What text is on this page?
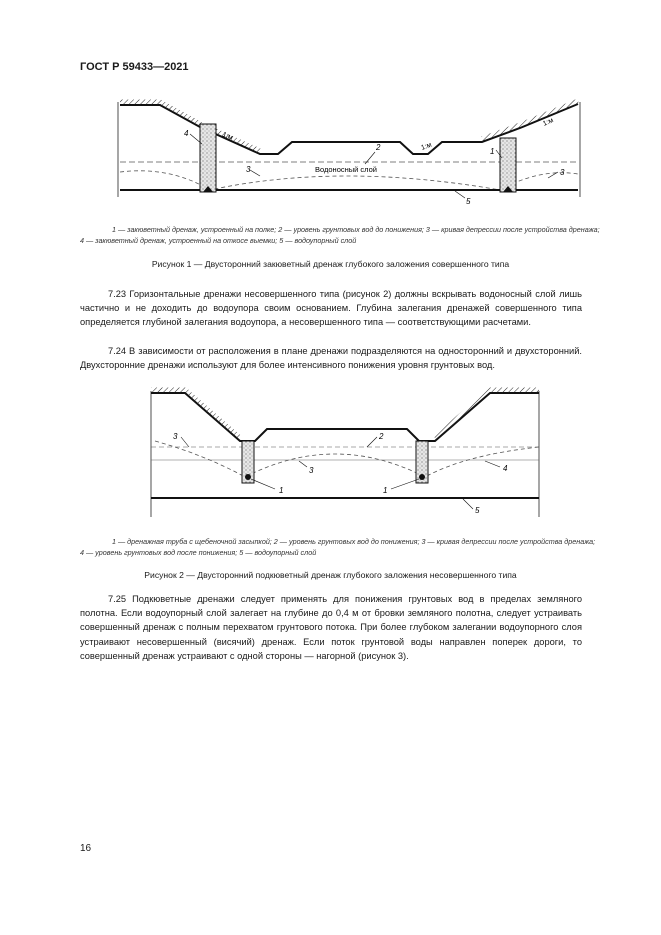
ГОСТ Р 59433—2021
1:м
1:м
1:м
Водоносный слой
4
1
2
3	3
5
1 — закюветный дренаж, устроенный на полке; 2 — уровень грунтовых вод до понижения; 3 — кривая депрессии после устройства дренажа; 4 — закюветный дренаж, устроенный на откосе выемки; 5 — водоупорный слой
Рисунок 1 — Двусторонний закюветный дренаж глубокого заложения совершенного типа
7.23 Горизонтальные дренажи несовершенного типа (рисунок 2) должны вскрывать водоносный слой лишь частично и не доходить до водоупора своим основанием. Глубина залегания дренажей совершенного типа определяется глубиной залегания водоупора, а несовершенного типа — соответствующими расчетами.
7.24 В зависимости от расположения в плане дренажи подразделяются на односторонний и двухсторонний. Двухсторонние дренажи используют для более интенсивного понижения уровня грунтовых вод.
1	1
2
3
3	4
5
1 — дренажная труба с щебеночной засыпкой; 2 — уровень грунтовых вод до понижения; 3 — кривая депрессии после устройства дренажа; 4 — уровень грунтовых вод после понижения; 5 — водоупорный слой
Рисунок 2 — Двусторонний подкюветный дренаж глубокого заложения несовершенного типа
7.25 Подкюветные дренажи следует применять для понижения грунтовых вод в пределах земляного полотна. Если водоупорный слой залегает на глубине до 0,4 м от бровки земляного полотна, следует устраивать совершенный дренаж с полным перехватом грунтового потока. При более глубоком залегании водоупорного слоя устраивают несовершенный (висячий) дренаж. Если поток грунтовой воды направлен поперек дороги, то совершенный дренаж устраивают с одной стороны — нагорной (рисунок 3).
16
